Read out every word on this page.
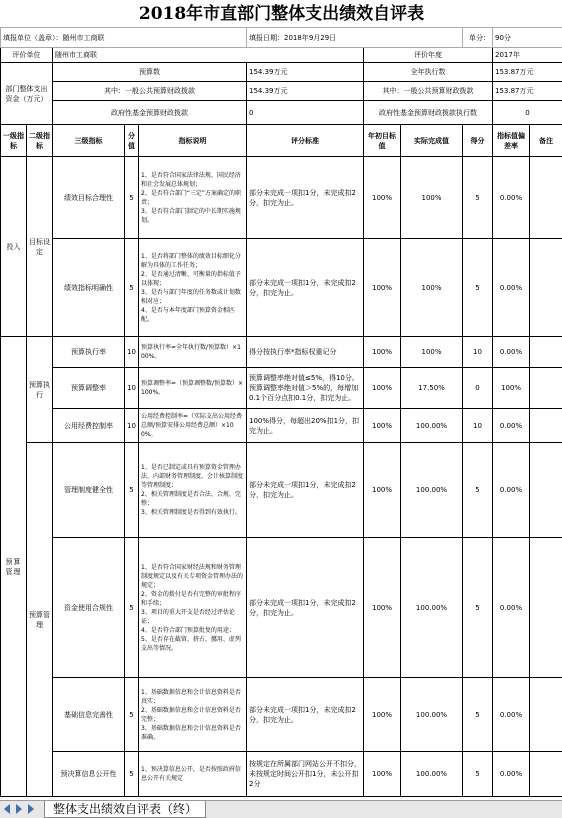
2018年市直部门整体支出绩效自评表										
填报单位（盖章）：随州市工商联					填报日期：2018年9月29日			单分：	90分	
评价单位		随州市工商联				评价年度			2017年	
部门整体支出资金（万元）		预算数			154.39万元	全年执行数			153.87万元	
		其中：一般公共预算财政拨款			154.39万元	其中：一般公共预算财政拨款			153.87万元	
		政府性基金预算财政拨款			0	政府性基金预算财政拨款执行数			0	
一级指标	二级指标	三级指标	分值	指标说明	评分标准	年初目标值	实际完成值	得分	指标值偏差率	备注
投入	目标设定	绩效目标合理性	5	1、是否符合国家法律法规、国民经济和社会发展总体规划；
2、是否符合部门“三定”方案确定的职责；
3、是否符合部门制定的中长期实施规划。	部分未完成一项扣1分，未完成扣2分，扣完为止。	100%	100%	5	0.00%	
		绩效指标明确性	5	1、是否将部门整体的绩效目标细化分解为具体的工作任务；
2、是否通过清晰、可衡量的指标值予以体现；
3、是否与部门年度的任务数或计划数相对应；
4、是否与本年度部门预算资金相匹配。	部分未完成一项扣1分，未完成扣2分，扣完为止。	100%	100%	5	0.00%	
预算管理	预算执行	预算执行率	10	预算执行率=全年执行数/预算数）×100%。	得分按执行率*指标权重记分	100%	100%	10	0.00%	
		预算调整率	10	预算调整率=（预算调整数/预算数）×100%。	预算调整率绝对值≤5%，得10分。预算调整率绝对值＞5%的，每增加0.1个百分点扣0.1分，扣完为止。	100%	17.50%	0	100%	
		公用经费控制率	10	公用经费控制率=（实际支出公用经费总额/预算安排公用经费总额）×100%。	100%得分，每超出20%扣1分，扣完为止。	100%	100.00%	10	0.00%	
	预算管理	管理制度健全性	5	1、是否已制定或具有预算资金管理办法、内部财务管理制度、会计核算制度等管理制度；
2、相关管理制度是否合法、合规、完整；
3、相关管理制度是否得到有效执行。	部分未完成一项扣1分，未完成扣2分，扣完为止。	100%	100.00%	5	0.00%	
		资金使用合规性	5	1、是否符合国家财经法规和财务管理制度规定以及有关专项资金管理办法的规定；
2、资金的拨付是否有完整的审批程序和手续；
3、项目的重大开支是否经过评估论证；
4、是否符合部门预算批复的用途；
5、是否存在截留、挤占、挪用、虚列支出等情况。	部分未完成一项扣1分，未完成扣2分，扣完为止。	100%	100.00%	5	0.00%	
		基础信息完善性	5	1、基础数据信息和会计信息资料是否真实；
2、基础数据信息和会计信息资料是否完整；
3、基础数据信息和会计信息资料是否准确。	部分未完成一项扣1分，未完成扣2分，扣完为止。	100%	100.00%	5	0.00%	
		预决算信息公开性	5	1、预决算信息公开，是否按照政府信息公开有关规定	按规定在所属部门网站公开不扣分，未按规定时间公开扣1分，未公开扣2分	100%	100.00%	5	0.00%	
整体支出绩效自评表（终）
